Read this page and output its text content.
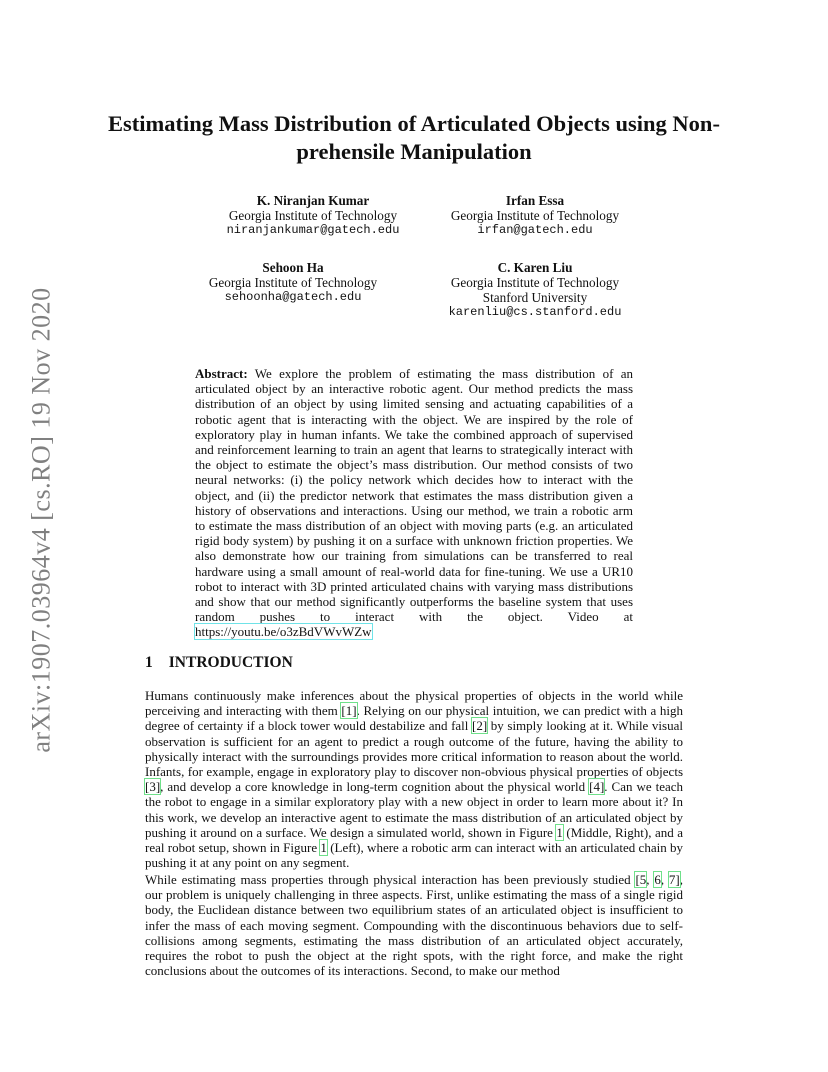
arXiv:1907.03964v4 [cs.RO] 19 Nov 2020
Estimating Mass Distribution of Articulated Objects using Non-prehensile Manipulation
K. Niranjan Kumar
Georgia Institute of Technology
niranjankumar@gatech.edu
Irfan Essa
Georgia Institute of Technology
irfan@gatech.edu
Sehoon Ha
Georgia Institute of Technology
sehoonha@gatech.edu
C. Karen Liu
Georgia Institute of Technology
Stanford University
karenliu@cs.stanford.edu

Abstract: We explore the problem of estimating the mass distribution of an articulated object by an interactive robotic agent. Our method predicts the mass distribution of an object by using limited sensing and actuating capabilities of a robotic agent that is interacting with the object. We are inspired by the role of exploratory play in human infants. We take the combined approach of supervised and reinforcement learning to train an agent that learns to strategically interact with the object to estimate the object’s mass distribution. Our method consists of two neural networks: (i) the policy network which decides how to interact with the object, and (ii) the predictor network that estimates the mass distribution given a history of observations and interactions. Using our method, we train a robotic arm to estimate the mass distribution of an object with moving parts (e.g. an articulated rigid body system) by pushing it on a surface with unknown friction properties. We also demonstrate how our training from simulations can be transferred to real hardware using a small amount of real-world data for fine-tuning. We use a UR10 robot to interact with 3D printed articulated chains with varying mass distributions and show that our method significantly outperforms the baseline system that uses random pushes to interact with the object. Video at https://youtu.be/o3zBdVWvWZw

1 INTRODUCTION

Humans continuously make inferences about the physical properties of objects in the world while perceiving and interacting with them [1]. Relying on our physical intuition, we can predict with a high degree of certainty if a block tower would destabilize and fall [2] by simply looking at it. While visual observation is sufficient for an agent to predict a rough outcome of the future, having the ability to physically interact with the surroundings provides more critical information to reason about the world. Infants, for example, engage in exploratory play to discover non-obvious physical properties of objects [3], and develop a core knowledge in long-term cognition about the physical world [4]. Can we teach the robot to engage in a similar exploratory play with a new object in order to learn more about it? In this work, we develop an interactive agent to estimate the mass distribution of an articulated object by pushing it around on a surface. We design a simulated world, shown in Figure 1 (Middle, Right), and a real robot setup, shown in Figure 1 (Left), where a robotic arm can interact with an articulated chain by pushing it at any point on any segment.

While estimating mass properties through physical interaction has been previously studied [5, 6, 7], our problem is uniquely challenging in three aspects. First, unlike estimating the mass of a single rigid body, the Euclidean distance between two equilibrium states of an articulated object is insufficient to infer the mass of each moving segment. Compounding with the discontinuous behaviors due to self-collisions among segments, estimating the mass distribution of an articulated object accurately, requires the robot to push the object at the right spots, with the right force, and make the right conclusions about the outcomes of its interactions. Second, to make our method
